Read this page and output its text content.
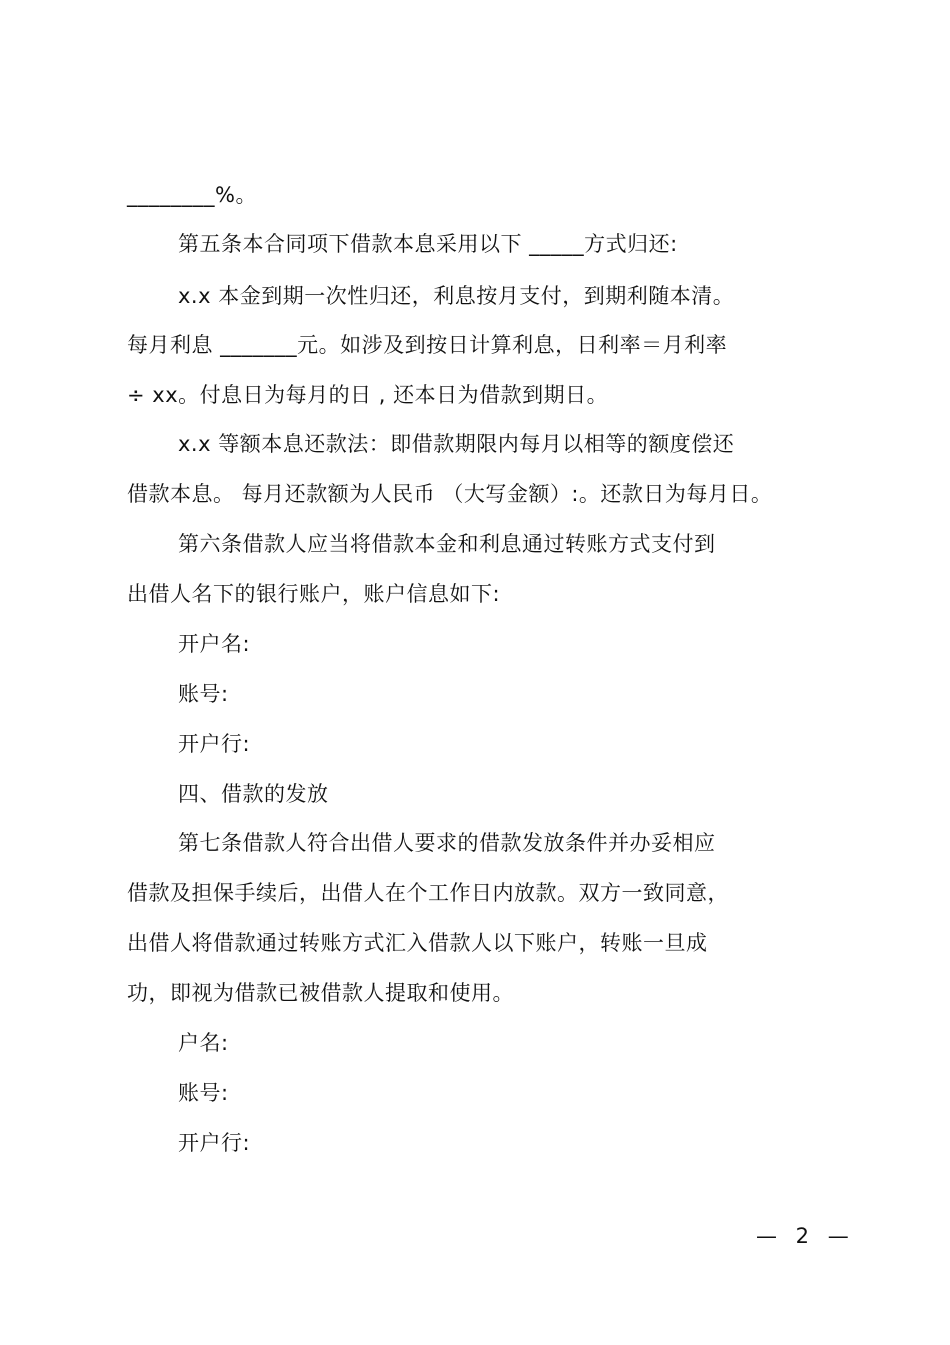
________%。
第五条本合同项下借款本息采用以下 _____方式归还:
x.x 本金到期一次性归还，利息按月支付，到期利随本清。
每月利息 _______元。如涉及到按日计算利息，日利率＝月利率
÷ xx。付息日为每月的日 , 还本日为借款到期日。
x.x 等额本息还款法：即借款期限内每月以相等的额度偿还
借款本息。 每月还款额为人民币 （大写金额）:。还款日为每月日。
第六条借款人应当将借款本金和利息通过转账方式支付到
出借人名下的银行账户，账户信息如下:
开户名:
账号:
开户行:
四、借款的发放
第七条借款人符合出借人要求的借款发放条件并办妥相应
借款及担保手续后，出借人在个工作日内放款。双方一致同意，
出借人将借款通过转账方式汇入借款人以下账户，转账一旦成
功，即视为借款已被借款人提取和使用。
户名:
账号:
开户行:
— 2 —
